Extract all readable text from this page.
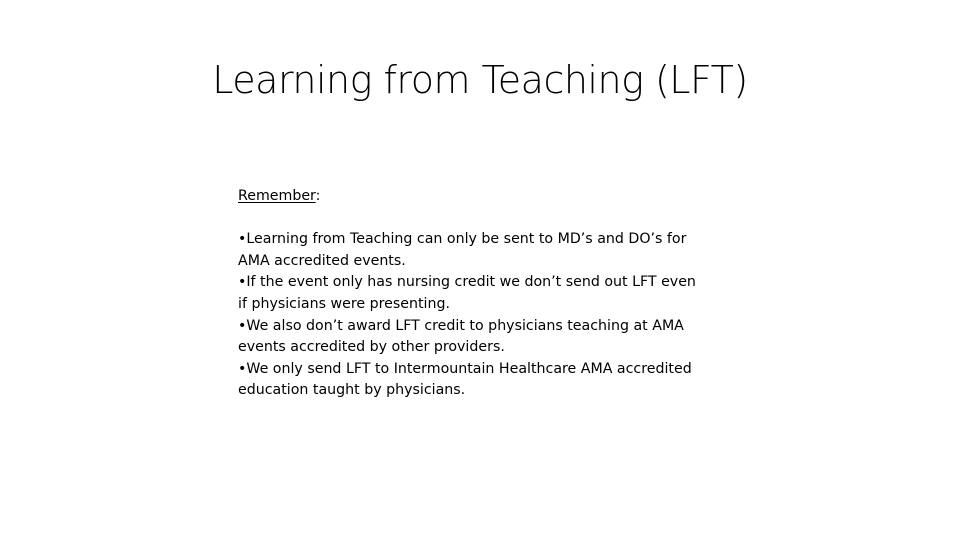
Learning from Teaching (LFT)

Remember:

•Learning from Teaching can only be sent to MD’s and DO’s for AMA accredited events.
•If the event only has nursing credit we don’t send out LFT even if physicians were presenting.
•We also don’t award LFT credit to physicians teaching at AMA events accredited by other providers.
•We only send LFT to Intermountain Healthcare AMA accredited education taught by physicians.
